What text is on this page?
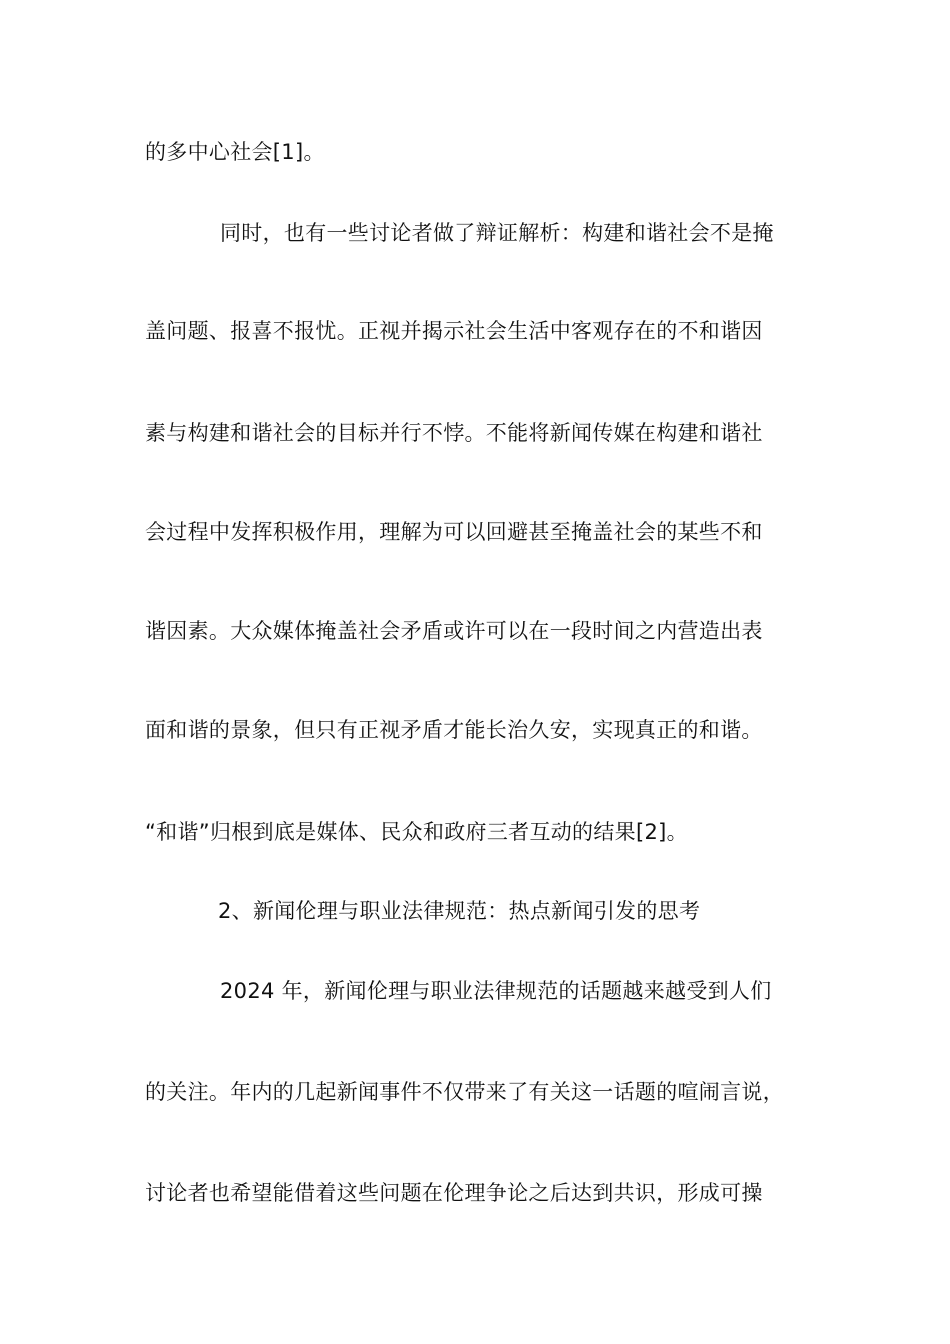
的多中心社会[1]。
同时，也有一些讨论者做了辩证解析：构建和谐社会不是掩
盖问题、报喜不报忧。正视并揭示社会生活中客观存在的不和谐因
素与构建和谐社会的目标并行不悖。不能将新闻传媒在构建和谐社
会过程中发挥积极作用，理解为可以回避甚至掩盖社会的某些不和
谐因素。大众媒体掩盖社会矛盾或许可以在一段时间之内营造出表
面和谐的景象，但只有正视矛盾才能长治久安，实现真正的和谐。
“和谐”归根到底是媒体、民众和政府三者互动的结果[2]。
2、新闻伦理与职业法律规范：热点新闻引发的思考
2024 年，新闻伦理与职业法律规范的话题越来越受到人们
的关注。年内的几起新闻事件不仅带来了有关这一话题的喧闹言说，
讨论者也希望能借着这些问题在伦理争论之后达到共识，形成可操
